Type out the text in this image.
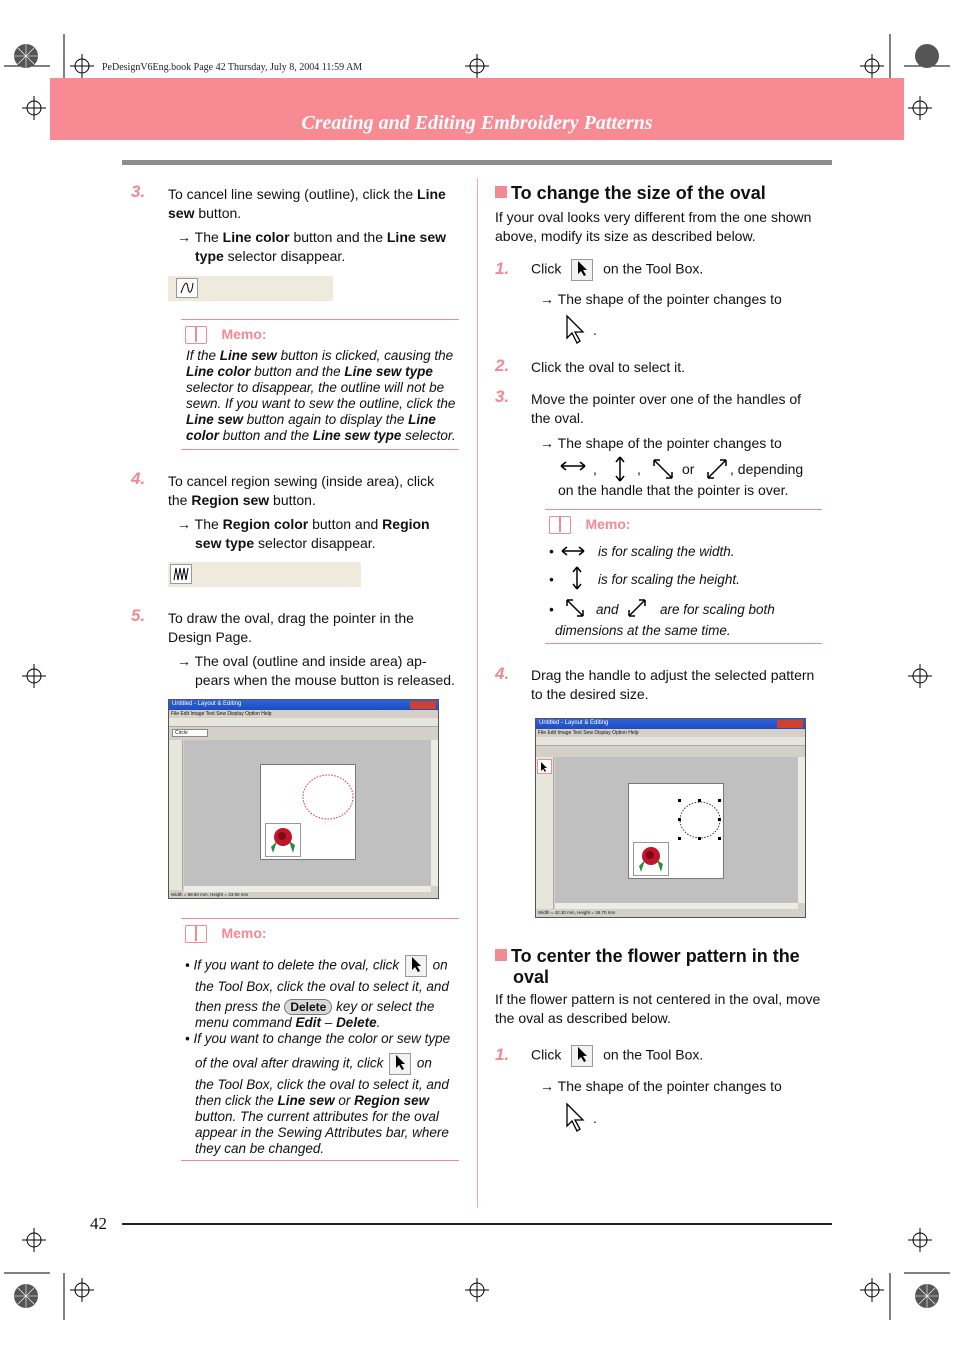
PeDesignV6Eng.book Page 42 Thursday, July 8, 2004 11:59 AM
Creating and Editing Embroidery Patterns
3. To cancel line sewing (outline), click the Line
sew button.
→ The Line color button and the Line sew
type selector disappear.
Memo:
If the Line sew button is clicked, causing the
Line color button and the Line sew type
selector to disappear, the outline will not be
sewn. If you want to sew the outline, click the
Line sew button again to display the Line
color button and the Line sew type selector.
4. To cancel region sewing (inside area), click
the Region sew button.
→ The Region color button and Region
sew type selector disappear.
5. To draw the oval, drag the pointer in the
Design Page.
→ The oval (outline and inside area) ap-
pears when the mouse button is released.
Untitled - Layout & Editing
File Edit Image Text Sew Display Option Help
Circle
Width = 59.60 mm, Height = 43.90 mm
Memo:
• If you want to delete the oval, click  on
the Tool Box, click the oval to select it, and
then press the Delete key or select the
menu command Edit – Delete.
• If you want to change the color or sew type
of the oval after drawing it, click  on
the Tool Box, click the oval to select it, and
then click the Line sew or Region sew
button. The current attributes for the oval
appear in the Sewing Attributes bar, where
they can be changed.
To change the size of the oval
If your oval looks very different from the one shown
above, modify its size as described below.
1. Click	on the Tool Box.
→ The shape of the pointer changes to
.
2. Click the oval to select it.
3. Move the pointer over one of the handles of
the oval.
→ The shape of the pointer changes to
,	,	or	, depending
on the handle that the pointer is over.
Memo:
•	is for scaling the width.
•	is for scaling the height.
•	and	are for scaling both
dimensions at the same time.
4. Drag the handle to adjust the selected pattern
to the desired size.
Untitled - Layout & Editing
File Edit Image Text Sew Display Option Help
Width = 42.30 mm, Height = 36.70 mm
To center the flower pattern in the
oval
If the flower pattern is not centered in the oval, move
the oval as described below.
1. Click	on the Tool Box.
→ The shape of the pointer changes to
.
42
